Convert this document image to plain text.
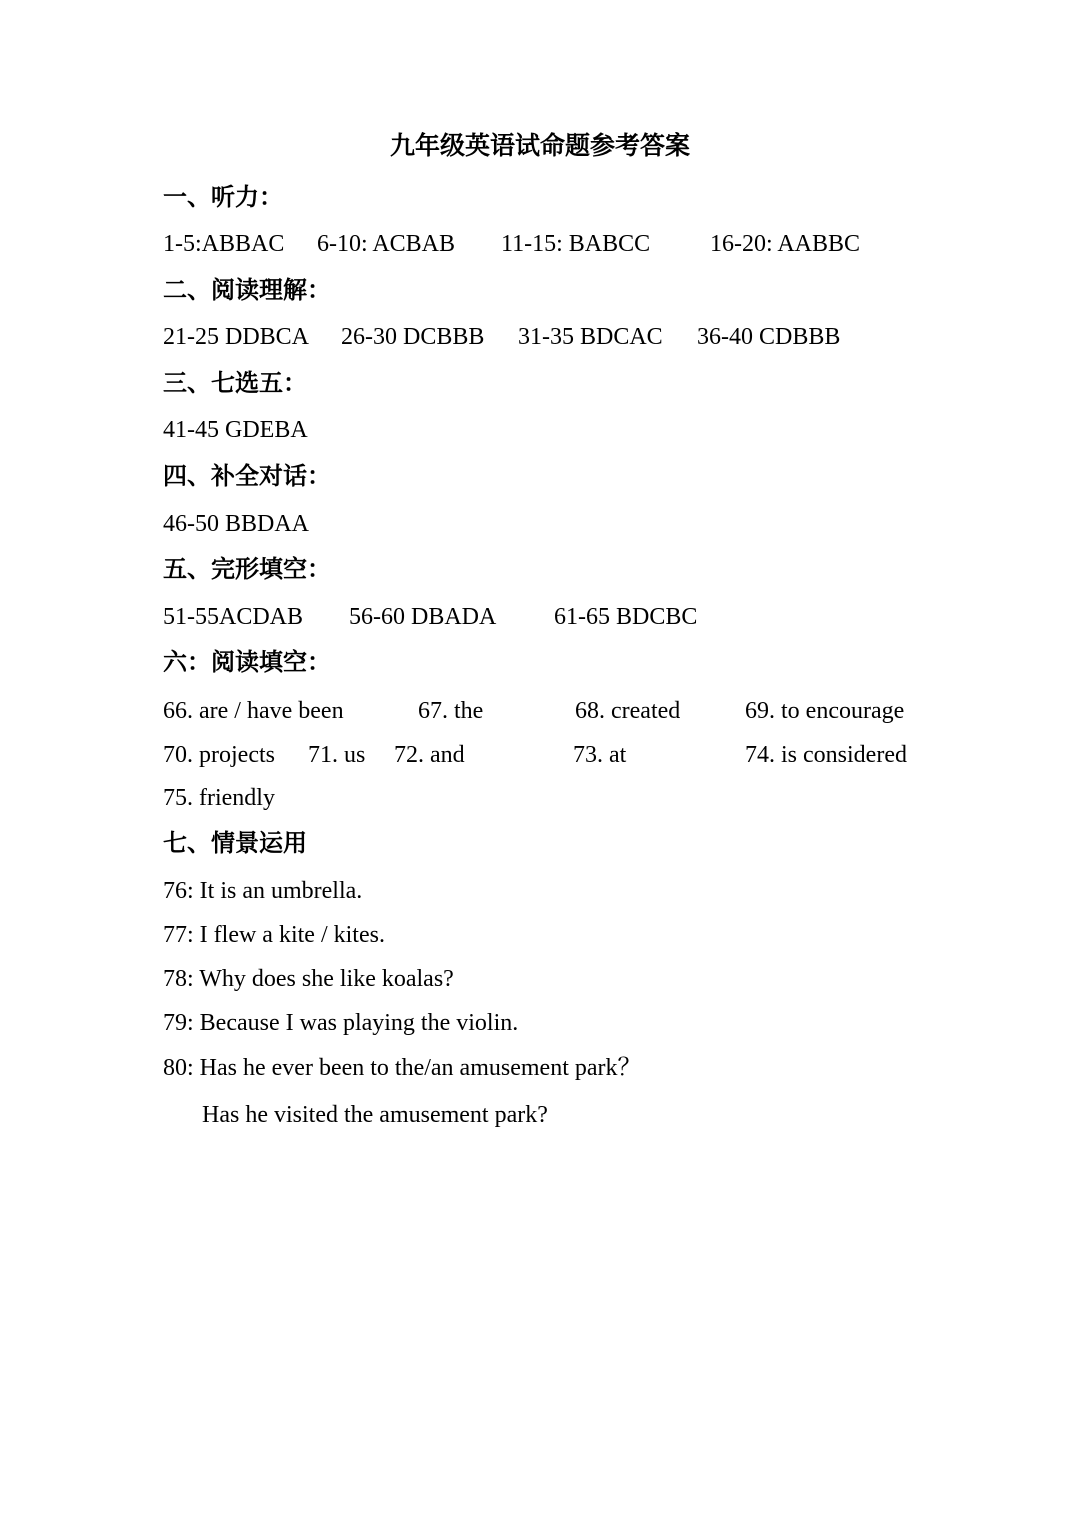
九年级英语试命题参考答案
一、听力：
1-5:ABBAC 6-10: ACBAB 11-15: BABCC 16-20: AABBC
二、阅读理解：
21-25 DDBCA 26-30 DCBBB 31-35 BDCAC 36-40 CDBBB
三、七选五：
41-45 GDEBA
四、补全对话：
46-50 BBDAA
五、完形填空：
51-55ACDAB 56-60 DBADA 61-65 BDCBC
六：阅读填空：
66. are / have been	67. the	68. created	69. to encourage
70. projects 71. us 72. and	73. at	74. is considered
75. friendly
七、情景运用
76: It is an umbrella.
77: I flew a kite / kites.
78: Why does she like koalas?
79: Because I was playing the violin.
80: Has he ever been to the/an amusement park？
Has he visited the amusement park?
